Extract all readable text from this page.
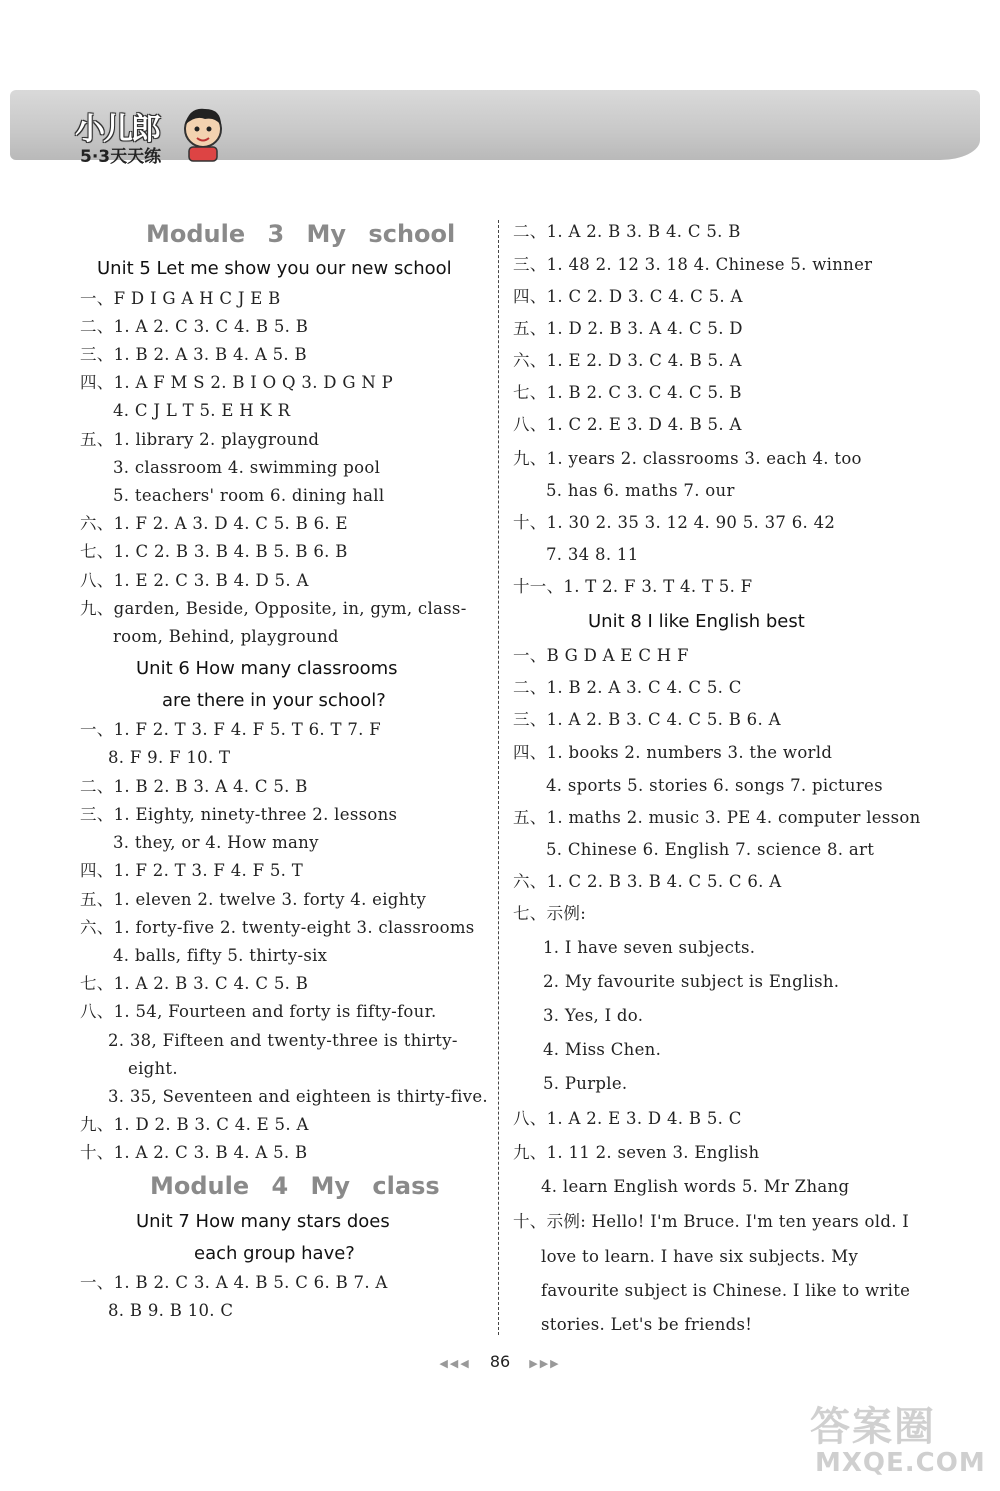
小儿郎
5·3天天练
Module 3 My school
Unit 5 Let me show you our new school
一、F D I G A H C J E B
二、1. A 2. C 3. C 4. B 5. B
三、1. B 2. A 3. B 4. A 5. B
四、1. A F M S 2. B I O Q 3. D G N P
4. C J L T 5. E H K R
五、1. library 2. playground
3. classroom 4. swimming pool
5. teachers' room 6. dining hall
六、1. F 2. A 3. D 4. C 5. B 6. E
七、1. C 2. B 3. B 4. B 5. B 6. B
八、1. E 2. C 3. B 4. D 5. A
九、garden, Beside, Opposite, in, gym, class-
room, Behind, playground
Unit 6 How many classrooms
are there in your school?
一、1. F 2. T 3. F 4. F 5. T 6. T 7. F
8. F 9. F 10. T
二、1. B 2. B 3. A 4. C 5. B
三、1. Eighty, ninety-three 2. lessons
3. they, or 4. How many
四、1. F 2. T 3. F 4. F 5. T
五、1. eleven 2. twelve 3. forty 4. eighty
六、1. forty-five 2. twenty-eight 3. classrooms
4. balls, fifty 5. thirty-six
七、1. A 2. B 3. C 4. C 5. B
八、1. 54, Fourteen and forty is fifty-four.
2. 38, Fifteen and twenty-three is thirty-
eight.
3. 35, Seventeen and eighteen is thirty-five.
九、1. D 2. B 3. C 4. E 5. A
十、1. A 2. C 3. B 4. A 5. B
Module 4 My class
Unit 7 How many stars does
each group have?
一、1. B 2. C 3. A 4. B 5. C 6. B 7. A
8. B 9. B 10. C
二、1. A 2. B 3. B 4. C 5. B
三、1. 48 2. 12 3. 18 4. Chinese 5. winner
四、1. C 2. D 3. C 4. C 5. A
五、1. D 2. B 3. A 4. C 5. D
六、1. E 2. D 3. C 4. B 5. A
七、1. B 2. C 3. C 4. C 5. B
八、1. C 2. E 3. D 4. B 5. A
九、1. years 2. classrooms 3. each 4. too
5. has 6. maths 7. our
十、1. 30 2. 35 3. 12 4. 90 5. 37 6. 42
7. 34 8. 11
十一、1. T 2. F 3. T 4. T 5. F
Unit 8 I like English best
一、B G D A E C H F
二、1. B 2. A 3. C 4. C 5. C
三、1. A 2. B 3. C 4. C 5. B 6. A
四、1. books 2. numbers 3. the world
4. sports 5. stories 6. songs 7. pictures
五、1. maths 2. music 3. PE 4. computer lesson
5. Chinese 6. English 7. science 8. art
六、1. C 2. B 3. B 4. C 5. C 6. A
七、示例:
1. I have seven subjects.
2. My favourite subject is English.
3. Yes, I do.
4. Miss Chen.
5. Purple.
八、1. A 2. E 3. D 4. B 5. C
九、1. 11 2. seven 3. English
4. learn English words 5. Mr Zhang
十、示例: Hello! I'm Bruce. I'm ten years old. I
love to learn. I have six subjects. My
favourite subject is Chinese. I like to write
stories. Let's be friends!
◀◀◀ 86 ▶▶▶
答案圈
MXQE.COM
